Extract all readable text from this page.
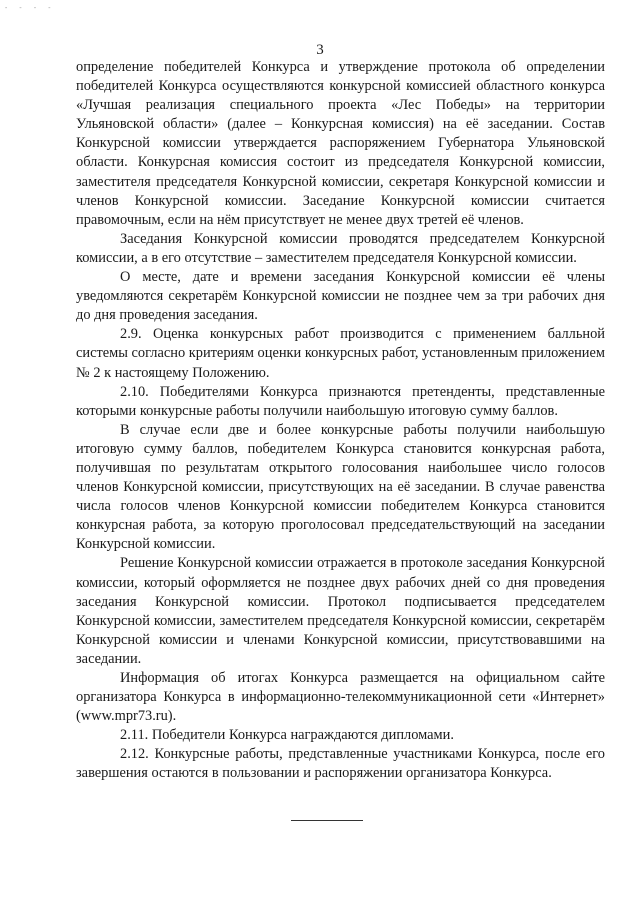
‐ ‐ ‐ ‐
3

определение победителей Конкурса и утверждение протокола об определении победителей Конкурса осуществляются конкурсной комиссией областного конкурса «Лучшая реализация специального проекта «Лес Победы» на территории Ульяновской области» (далее – Конкурсная комиссия) на её заседании. Состав Конкурсной комиссии утверждается распоряжением Губернатора Ульяновской области. Конкурсная комиссия состоит из председателя Конкурсной комиссии, заместителя председателя Конкурсной комиссии, секретаря Конкурсной комиссии и членов Конкурсной комиссии. Заседание Конкурсной комиссии считается правомочным, если на нём присутствует не менее двух третей её членов.

Заседания Конкурсной комиссии проводятся председателем Конкурсной комиссии, а в его отсутствие – заместителем председателя Конкурсной комиссии.

О месте, дате и времени заседания Конкурсной комиссии её члены уведомляются секретарём Конкурсной комиссии не позднее чем за три рабочих дня до дня проведения заседания.

2.9. Оценка конкурсных работ производится с применением балльной системы согласно критериям оценки конкурсных работ, установленным приложением № 2 к настоящему Положению.

2.10. Победителями Конкурса признаются претенденты, представленные которыми конкурсные работы получили наибольшую итоговую сумму баллов.

В случае если две и более конкурсные работы получили наибольшую итоговую сумму баллов, победителем Конкурса становится конкурсная работа, получившая по результатам открытого голосования наибольшее число голосов членов Конкурсной комиссии, присутствующих на её заседании. В случае равенства числа голосов членов Конкурсной комиссии победителем Конкурса становится конкурсная работа, за которую проголосовал председательствующий на заседании Конкурсной комиссии.

Решение Конкурсной комиссии отражается в протоколе заседания Конкурсной комиссии, который оформляется не позднее двух рабочих дней со дня проведения заседания Конкурсной комиссии. Протокол подписывается председателем Конкурсной комиссии, заместителем председателя Конкурсной комиссии, секретарём Конкурсной комиссии и членами Конкурсной комиссии, присутствовавшими на заседании.

Информация об итогах Конкурса размещается на официальном сайте организатора Конкурса в информационно-телекоммуникационной сети «Интернет» (www.mpr73.ru).

2.11. Победители Конкурса награждаются дипломами.

2.12. Конкурсные работы, представленные участниками Конкурса, после его завершения остаются в пользовании и распоряжении организатора Конкурса.
